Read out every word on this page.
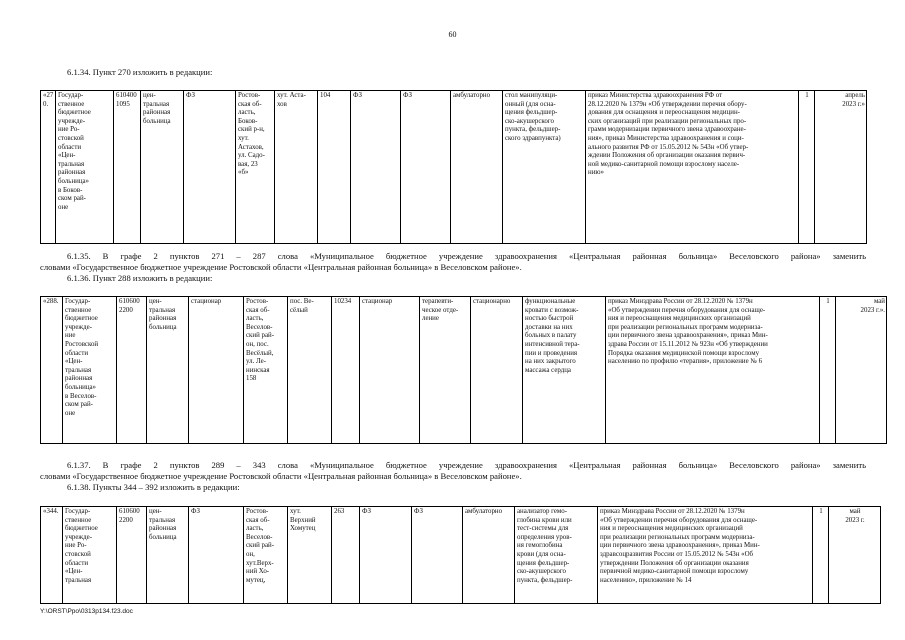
60
6.1.34. Пункт 270 изложить в редакции:
«270.	Государ-
ственное
бюджетное
учрежде-
ние Ро-
стовской
области
«Цен-
тральная
районная
больница»
в Боков-
ском рай-
оне	610400
1095	цен-
тральная
районная
больница	ФЗ	Ростов-
ская об-
ласть,
Боков-
ский р-н,
хут.
Астахов,
ул. Садо-
вая, 23
«б»	хут. Аста-
хов	104	ФЗ	ФЗ	амбулаторно	стол манипуляци-
онный (для осна-
щения фельдшер-
ско-акушерского
пункта, фельдшер-
ского здравпункта)	приказ Министерства здравоохранения РФ от
28.12.2020 № 1379н «Об утверждении перечня обору-
дования для оснащения и переоснащения медицин-
ских организаций при реализации региональных про-
грамм модернизации первичного звена здравоохране-
ния», приказ Министерства здравоохранения и соци-
ального развития РФ от 15.05.2012 № 543н «Об утвер-
ждении Положения об организации оказания первич-
ной медико-санитарной помощи взрослому населе-
нию»	1	апрель
2023 г.»
6.1.35. В графе 2 пунктов 271 – 287 слова «Муниципальное бюджетное учреждение здравоохранения «Центральная районная больница» Веселовского района» заменить
словами «Государственное бюджетное учреждение Ростовской области «Центральная районная больница» в Веселовском районе».
6.1.36. Пункт 288 изложить в редакции:
«288.	Государ-
ственное
бюджетное
учрежде-
ние
Ростовской
области
«Цен-
тральная
районная
больница»
в Веселов-
ском рай-
оне	610600
2200	цен-
тральная
районная
больница	стационар	Ростов-
ская об-
ласть,
Веселов-
ский рай-
он, пос.
Весёлый,
ул. Ле-
нинская
158	пос. Ве-
сёлый	10234	стационар	терапевти-
ческое отде-
ление	стационарно	функциональные
кровати с возмож-
ностью быстрой
доставки на них
больных в палату
интенсивной тера-
пии и проведения
на них закрытого
массажа сердца	приказ Минздрава России от 28.12.2020 № 1379н
«Об утверждении перечня оборудования для оснаще-
ния и переоснащения медицинских организаций
при реализации региональных программ модерниза-
ции первичного звена здравоохранения», приказ Мин-
здрава России от 15.11.2012 № 923н «Об утверждении
Порядка оказания медицинской помощи взрослому
населению по профилю «терапия», приложение № 6	1	май
2023 г.».
6.1.37. В графе 2 пунктов 289 – 343 слова «Муниципальное бюджетное учреждение здравоохранения «Центральная районная больница» Веселовского района» заменить
словами «Государственное бюджетное учреждение Ростовской области «Центральная районная больница» в Веселовском районе».
6.1.38. Пункты 344 – 392 изложить в редакции:
«344.	Государ-
ственное
бюджетное
учрежде-
ние Ро-
стовской
области
«Цен-
тральная	610600
2200	цен-
тральная
районная
больница	ФЗ	Ростов-
ская об-
ласть,
Веселов-
ский рай-
он,
хут.Верх-
ний Хо-
мутец,	хут.
Верхний
Хомутец	263	ФЗ	ФЗ	амбулаторно	анализатор гемо-
глобина крови или
тест-системы для
определения уров-
ня гемоглобина
крови (для осна-
щения фельдшер-
ско-акушерского
пункта, фельдшер-	приказ Минздрава России от 28.12.2020 № 1379н
«Об утверждении перечня оборудования для оснаще-
ния и переоснащения медицинских организаций
при реализации региональных программ модерниза-
ции первичного звена здравоохранения», приказ Мин-
здравсоцразвития России от 15.05.2012 № 543н «Об
утверждении Положения об организации оказания
первичной медико-санитарной помощи взрослому
населению», приложение № 14	1	май
2023 г.
Y:\ORST\Ppo\0313p134.f23.doc
